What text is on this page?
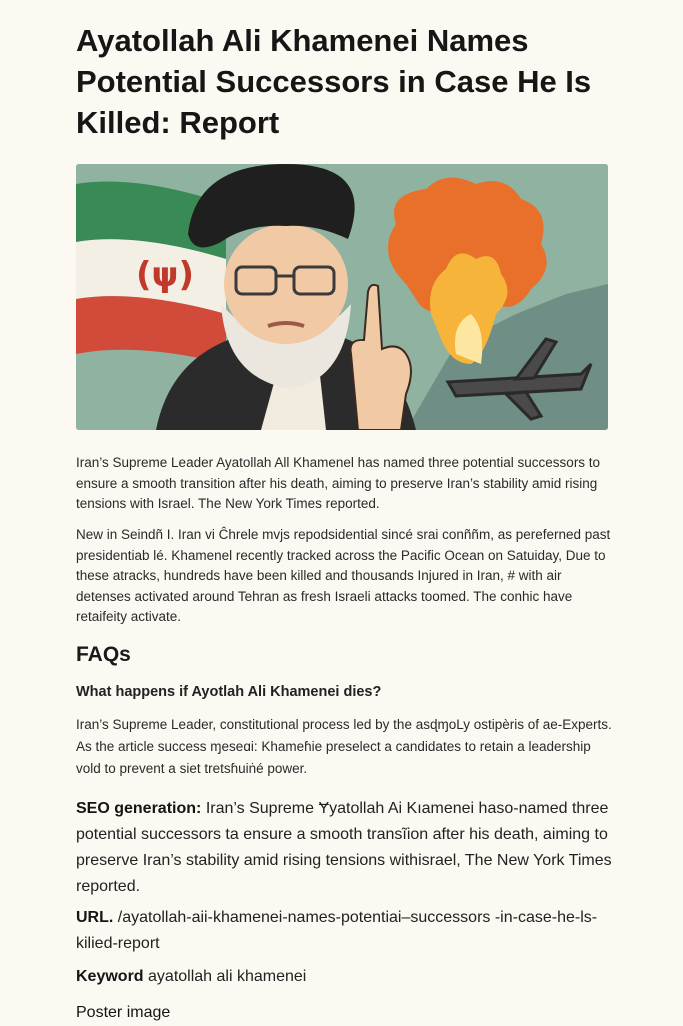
Ayatollah Ali Khamenei Names Potential Successors in Case He Is Killed: Report
(ψ)

Iran’s Supreme Leader Ayatollah All Khamenel has named three potential successors to ensure a smooth transition after his death, aiming to preserve Iran’s stability amid rising tensions with Israel. The New York Times reported.

New in Seindñ I. Iran vi Ĉhrele mvjs repodsidential sincé srai conññm, as pereferned past presidentiab lé. Khamenel recently tracked across the Pacific Ocean on Satuiday, Due to these atracks, hundreds have been killed and thousands Injured in Iran, # with air detenses activated around Tehran as fresh Israeli attacks toomed. The conhic have retaifeity activate.

FAQs

What happens if Ayotlah Ali Khamenei dies?

Iran’s Supreme Leader, constitutional process led by the asɖɱoLy ostipèris of ae-Experts. As the article success ɱeseɑi: Khameɦie preselect a candidates to retain a leadership vold to prevent a siet tretsɦuiṅé power.

SEO generation: Iran’s Supreme Ɏyatollah Ai Kıamenei haso-named three potential successors ta ensure a smooth transĩion after his death, aiming to preserve Iran’s stability amid rising tensions withisrael, The New York Times reported.

URL. /ayatollah-aii-khamenei-names-potentiai–successors -in-case-he-ls-kilied-report

Keyword ayatollah ali khamenei

Poster image
